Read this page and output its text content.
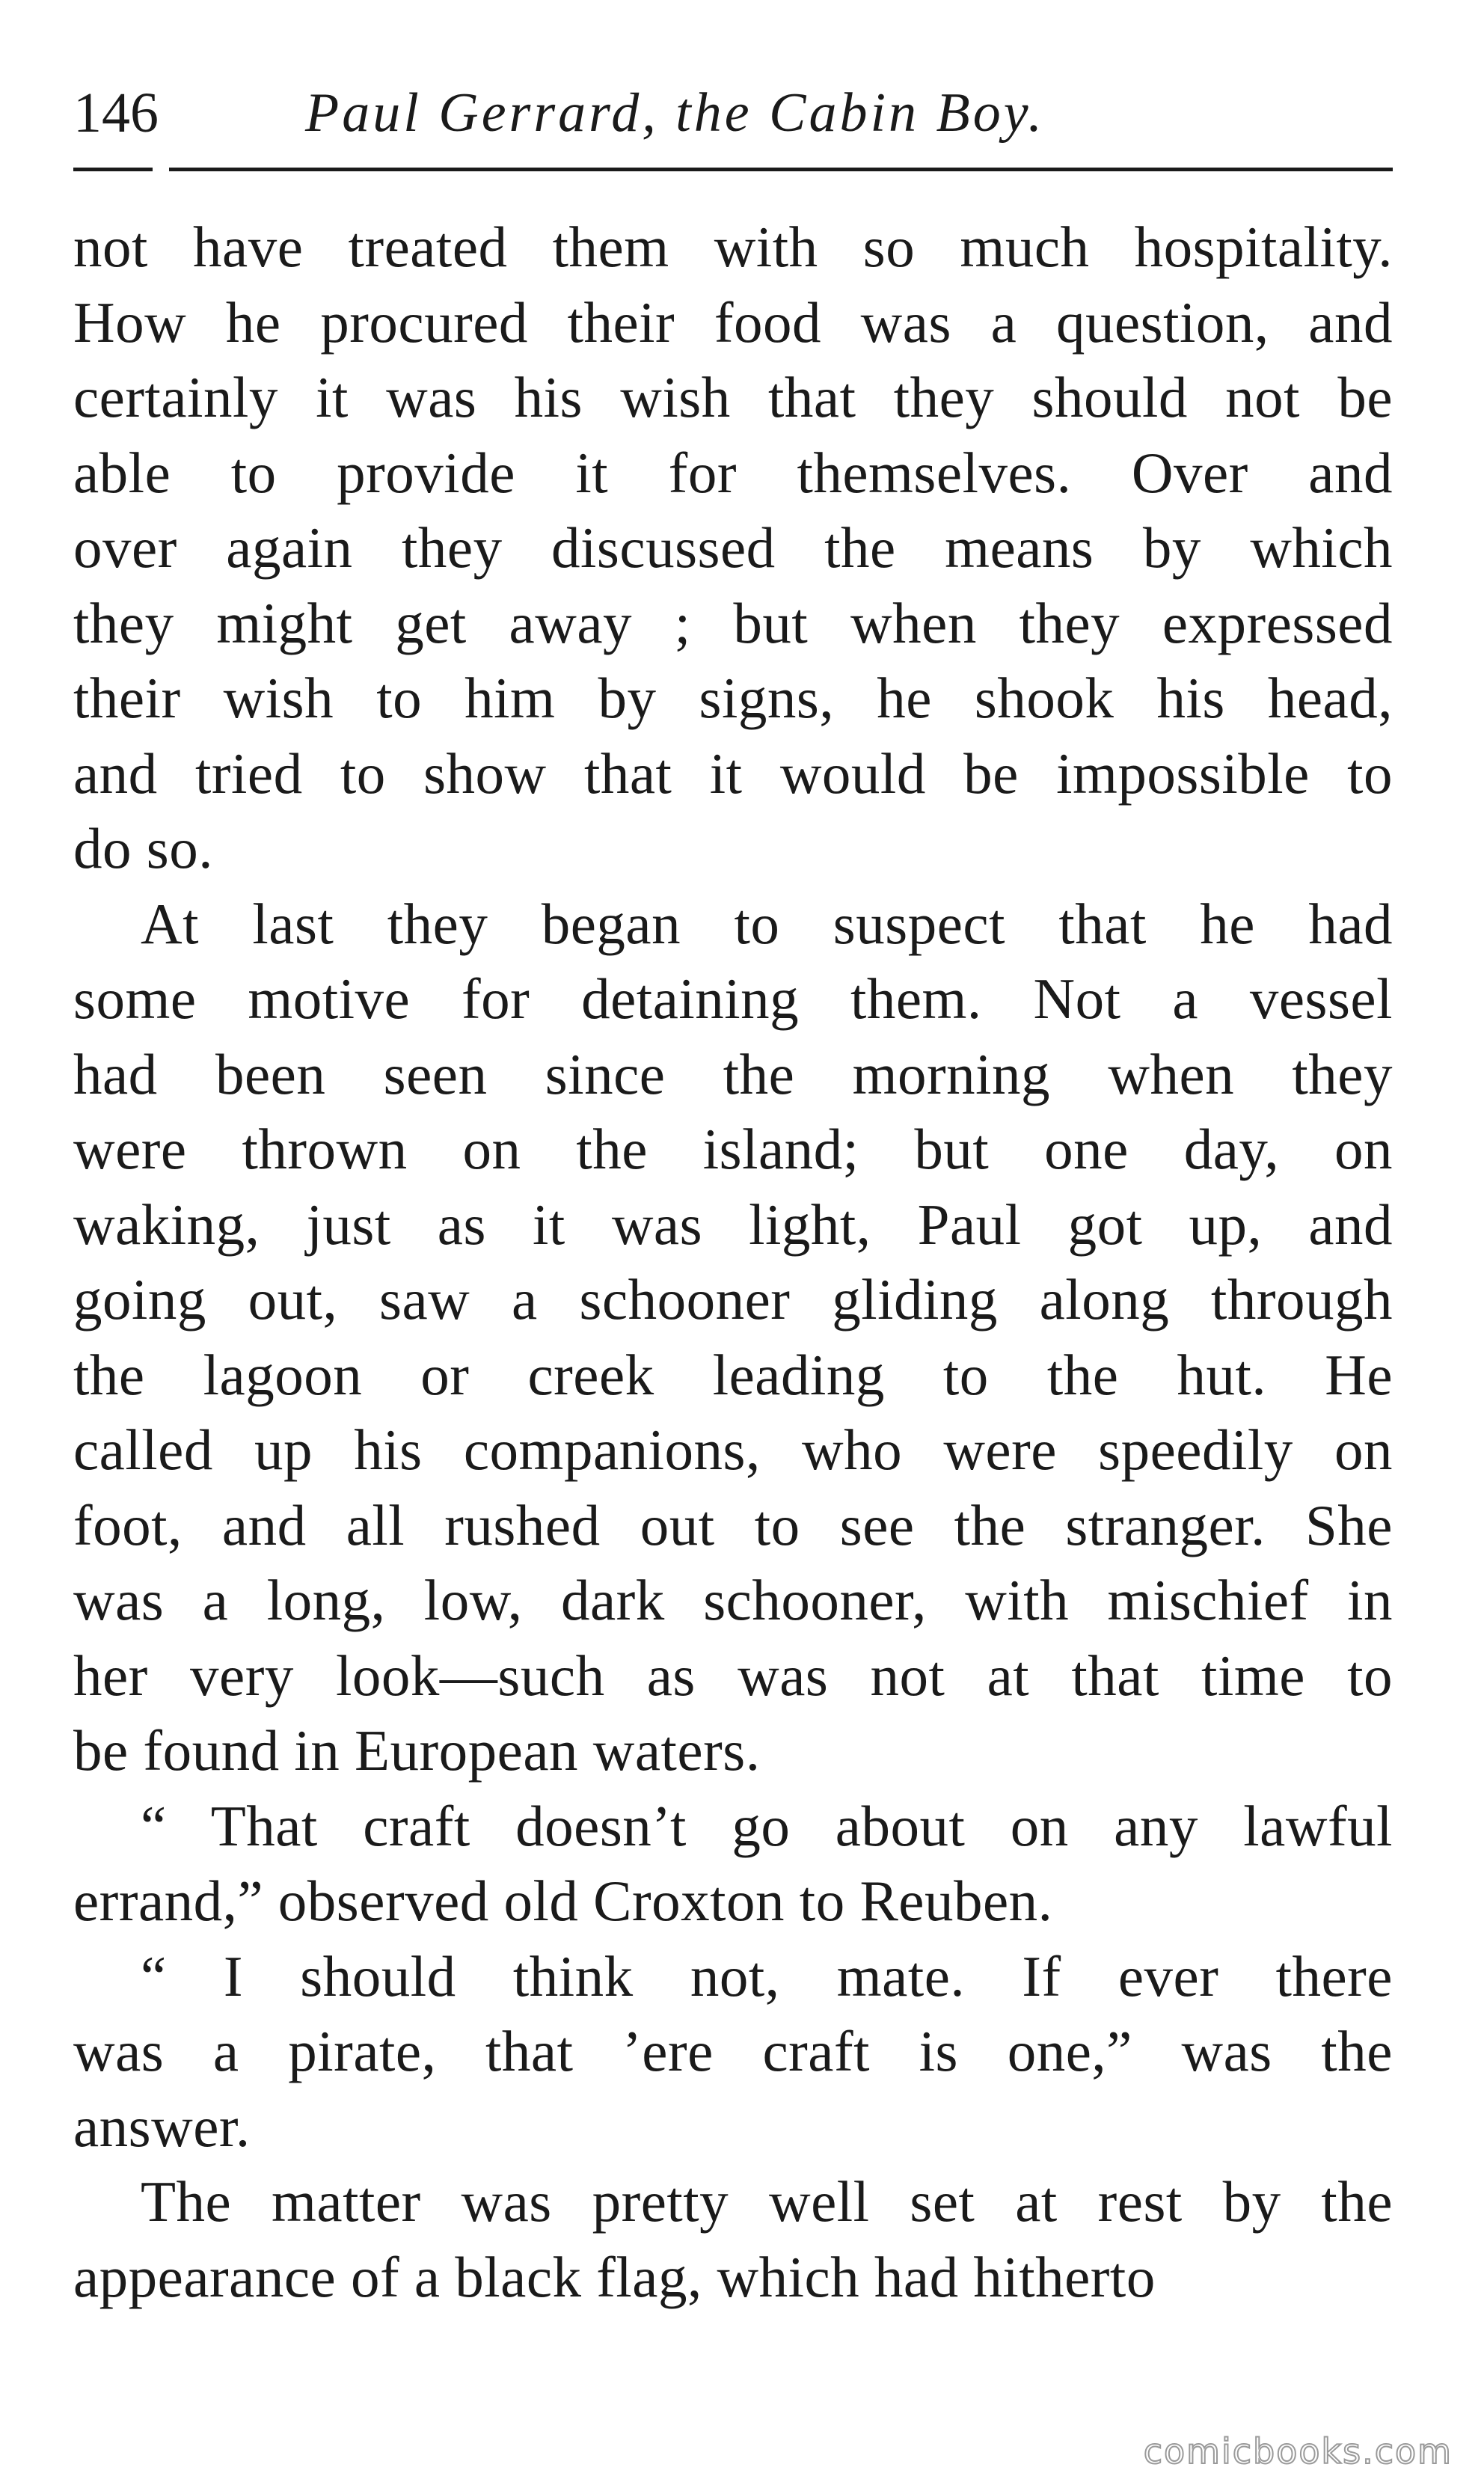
146	Paul Gerrard, the Cabin Boy.
not have treated them with so much hospitality.
How he procured their food was a question, and
certainly it was his wish that they should not be
able to provide it for themselves. Over and
over again they discussed the means by which
they might get away ; but when they expressed
their wish to him by signs, he shook his head,
and tried to show that it would be impossible to
do so.
At last they began to suspect that he had
some motive for detaining them. Not a vessel
had been seen since the morning when they
were thrown on the island; but one day, on
waking, just as it was light, Paul got up, and
going out, saw a schooner gliding along through
the lagoon or creek leading to the hut. He
called up his companions, who were speedily on
foot, and all rushed out to see the stranger. She
was a long, low, dark schooner, with mischief in
her very look—such as was not at that time to
be found in European waters.
“ That craft doesn’t go about on any lawful
errand,” observed old Croxton to Reuben.
“ I should think not, mate. If ever there
was a pirate, that ’ere craft is one,” was the
answer.
The matter was pretty well set at rest by the
appearance of a black flag, which had hitherto
comicbooks.com
